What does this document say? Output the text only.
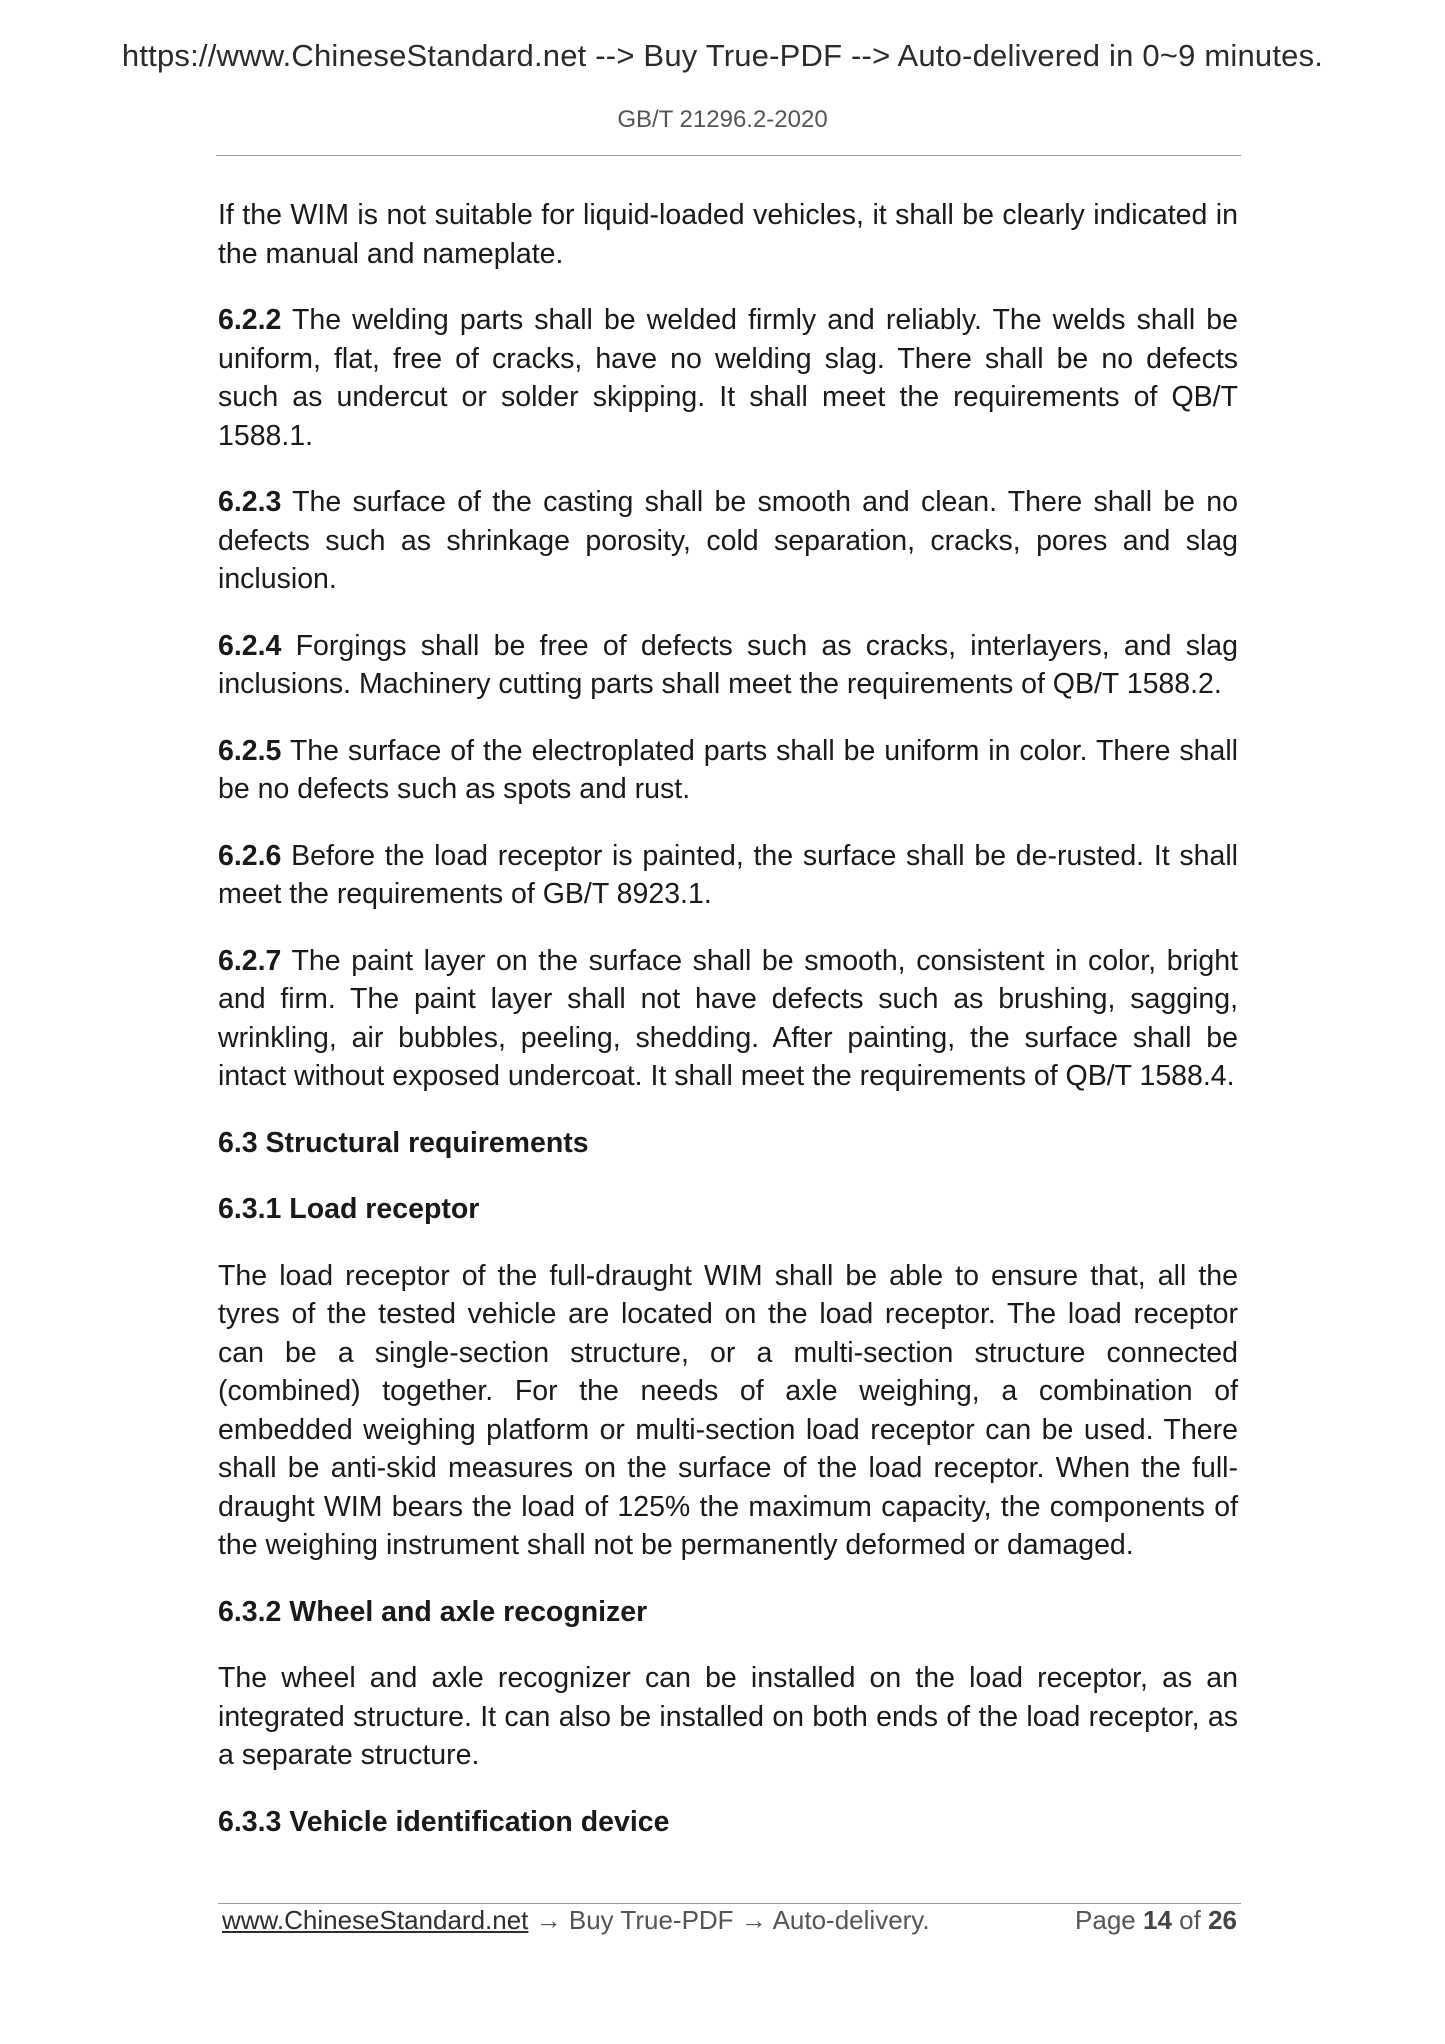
https://www.ChineseStandard.net --> Buy True-PDF --> Auto-delivered in 0~9 minutes.
GB/T 21296.2-2020

If the WIM is not suitable for liquid-loaded vehicles, it shall be clearly indicated in the manual and nameplate.

6.2.2 The welding parts shall be welded firmly and reliably. The welds shall be uniform, flat, free of cracks, have no welding slag. There shall be no defects such as undercut or solder skipping. It shall meet the requirements of QB/T 1588.1.

6.2.3 The surface of the casting shall be smooth and clean. There shall be no defects such as shrinkage porosity, cold separation, cracks, pores and slag inclusion.

6.2.4 Forgings shall be free of defects such as cracks, interlayers, and slag inclusions. Machinery cutting parts shall meet the requirements of QB/T 1588.2.

6.2.5 The surface of the electroplated parts shall be uniform in color. There shall be no defects such as spots and rust.

6.2.6 Before the load receptor is painted, the surface shall be de-rusted. It shall meet the requirements of GB/T 8923.1.

6.2.7 The paint layer on the surface shall be smooth, consistent in color, bright and firm. The paint layer shall not have defects such as brushing, sagging, wrinkling, air bubbles, peeling, shedding. After painting, the surface shall be intact without exposed undercoat. It shall meet the requirements of QB/T 1588.4.

6.3 Structural requirements

6.3.1 Load receptor

The load receptor of the full-draught WIM shall be able to ensure that, all the tyres of the tested vehicle are located on the load receptor. The load receptor can be a single-section structure, or a multi-section structure connected (combined) together. For the needs of axle weighing, a combination of embedded weighing platform or multi-section load receptor can be used. There shall be anti-skid measures on the surface of the load receptor. When the full-draught WIM bears the load of 125% the maximum capacity, the components of the weighing instrument shall not be permanently deformed or damaged.

6.3.2 Wheel and axle recognizer

The wheel and axle recognizer can be installed on the load receptor, as an integrated structure. It can also be installed on both ends of the load receptor, as a separate structure.

6.3.3 Vehicle identification device

www.ChineseStandard.net → Buy True-PDF → Auto-delivery.	Page 14 of 26
